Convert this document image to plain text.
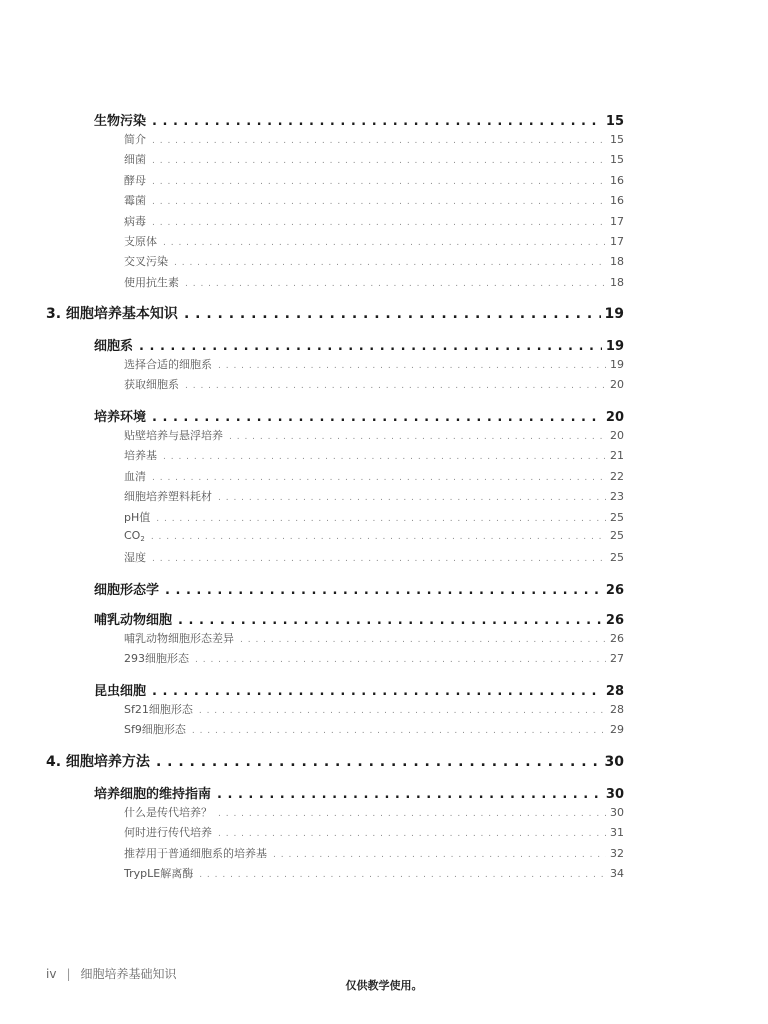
生物污染 . . .	15
简介 . . .	15
细菌 . . .	15
酵母 . . .	16
霉菌 . . .	16
病毒 . . .	17
支原体 . . .	17
交叉污染 . . .	18
使用抗生素 . . .	18
3. 细胞培养基本知识 . . .	19
细胞系 . . .	19
选择合适的细胞系 . . .	19
获取细胞系 . . .	20
培养环境 . . .	20
贴壁培养与悬浮培养 . . .	20
培养基 . . .	21
血清 . . .	22
细胞培养塑料耗材 . . .	23
pH值 . . .	25
$CO_2$ . . .	25
湿度 . . .	25
细胞形态学 . . .	26
哺乳动物细胞 . . .	26
哺乳动物细胞形态差异 . . .	26
293细胞形态 . . .	27
昆虫细胞 . . .	28
Sf21细胞形态 . . .	28
Sf9细胞形态 . . .	29
4. 细胞培养方法 . . .	30
培养细胞的维持指南 . . .	30
什么是传代培养？ . . .	30
何时进行传代培养 . . .	31
推荐用于普通细胞系的培养基 . . .	32
TrypLE解离酶 . . .	34
iv | 细胞培养基础知识
仅供教学使用。
